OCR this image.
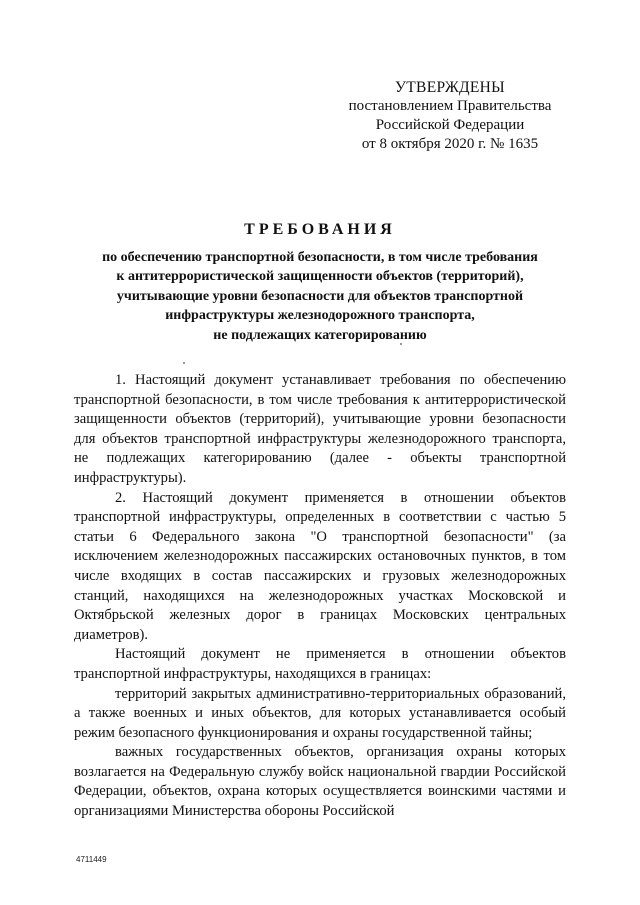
УТВЕРЖДЕНЫ
постановлением Правительства
Российской Федерации
от 8 октября 2020 г. № 1635
ТРЕБОВАНИЯ
по обеспечению транспортной безопасности, в том числе требования
к антитеррористической защищенности объектов (территорий),
учитывающие уровни безопасности для объектов транспортной
инфраструктуры железнодорожного транспорта,
не подлежащих категорированию

1. Настоящий документ устанавливает требования по обеспечению транспортной безопасности, в том числе требования к антитеррористической защищенности объектов (территорий), учитывающие уровни безопасности для объектов транспортной инфраструктуры железнодорожного транспорта, не подлежащих категорированию (далее - объекты транспортной инфраструктуры).

2. Настоящий документ применяется в отношении объектов транспортной инфраструктуры, определенных в соответствии с частью 5 статьи 6 Федерального закона "О транспортной безопасности" (за исключением железнодорожных пассажирских остановочных пунктов, в том числе входящих в состав пассажирских и грузовых железнодорожных станций, находящихся на железнодорожных участках Московской и Октябрьской железных дорог в границах Московских центральных диаметров).

Настоящий документ не применяется в отношении объектов транспортной инфраструктуры, находящихся в границах:

территорий закрытых административно-территориальных образований, а также военных и иных объектов, для которых устанавливается особый режим безопасного функционирования и охраны государственной тайны;

важных государственных объектов, организация охраны которых возлагается на Федеральную службу войск национальной гвардии Российской Федерации, объектов, охрана которых осуществляется воинскими частями и организациями Министерства обороны Российской

4711449
